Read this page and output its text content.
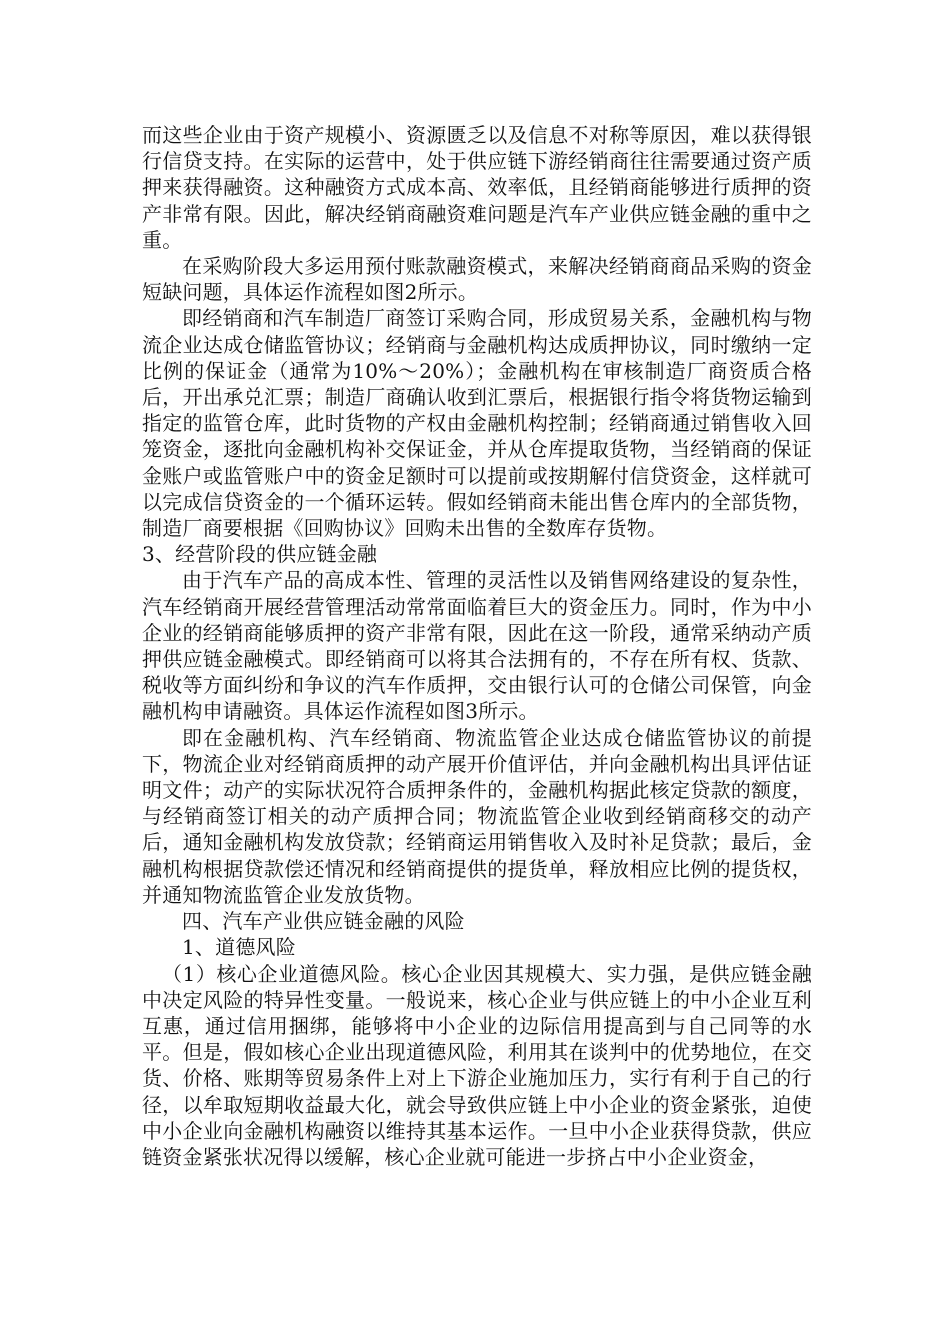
而这些企业由于资产规模小、资源匮乏以及信息不对称等原因，难以获得银行信贷支持。在实际的运营中，处于供应链下游经销商往往需要通过资产质押来获得融资。这种融资方式成本高、效率低，且经销商能够进行质押的资产非常有限。因此，解决经销商融资难问题是汽车产业供应链金融的重中之重。

在采购阶段大多运用预付账款融资模式，来解决经销商商品采购的资金短缺问题，具体运作流程如图2所示。

即经销商和汽车制造厂商签订采购合同，形成贸易关系，金融机构与物流企业达成仓储监管协议；经销商与金融机构达成质押协议，同时缴纳一定比例的保证金（通常为10%～20%）；金融机构在审核制造厂商资质合格后，开出承兑汇票；制造厂商确认收到汇票后，根据银行指令将货物运输到指定的监管仓库，此时货物的产权由金融机构控制；经销商通过销售收入回笼资金，逐批向金融机构补交保证金，并从仓库提取货物，当经销商的保证金账户或监管账户中的资金足额时可以提前或按期解付信贷资金，这样就可以完成信贷资金的一个循环运转。假如经销商未能出售仓库内的全部货物，制造厂商要根据《回购协议》回购未出售的全数库存货物。

3、经营阶段的供应链金融

由于汽车产品的高成本性、管理的灵活性以及销售网络建设的复杂性，汽车经销商开展经营管理活动常常面临着巨大的资金压力。同时，作为中小企业的经销商能够质押的资产非常有限，因此在这一阶段，通常采纳动产质押供应链金融模式。即经销商可以将其合法拥有的，不存在所有权、货款、税收等方面纠纷和争议的汽车作质押，交由银行认可的仓储公司保管，向金融机构申请融资。具体运作流程如图3所示。

即在金融机构、汽车经销商、物流监管企业达成仓储监管协议的前提下，物流企业对经销商质押的动产展开价值评估，并向金融机构出具评估证明文件；动产的实际状况符合质押条件的，金融机构据此核定贷款的额度，与经销商签订相关的动产质押合同；物流监管企业收到经销商移交的动产后，通知金融机构发放贷款；经销商运用销售收入及时补足贷款；最后，金融机构根据贷款偿还情况和经销商提供的提货单，释放相应比例的提货权，并通知物流监管企业发放货物。

四、汽车产业供应链金融的风险

1、道德风险

（1）核心企业道德风险。核心企业因其规模大、实力强，是供应链金融中决定风险的特异性变量。一般说来，核心企业与供应链上的中小企业互利互惠，通过信用捆绑，能够将中小企业的边际信用提高到与自己同等的水平。但是，假如核心企业出现道德风险，利用其在谈判中的优势地位，在交货、价格、账期等贸易条件上对上下游企业施加压力，实行有利于自己的行径，以牟取短期收益最大化，就会导致供应链上中小企业的资金紧张，迫使中小企业向金融机构融资以维持其基本运作。一旦中小企业获得贷款，供应链资金紧张状况得以缓解，核心企业就可能进一步挤占中小企业资金，
